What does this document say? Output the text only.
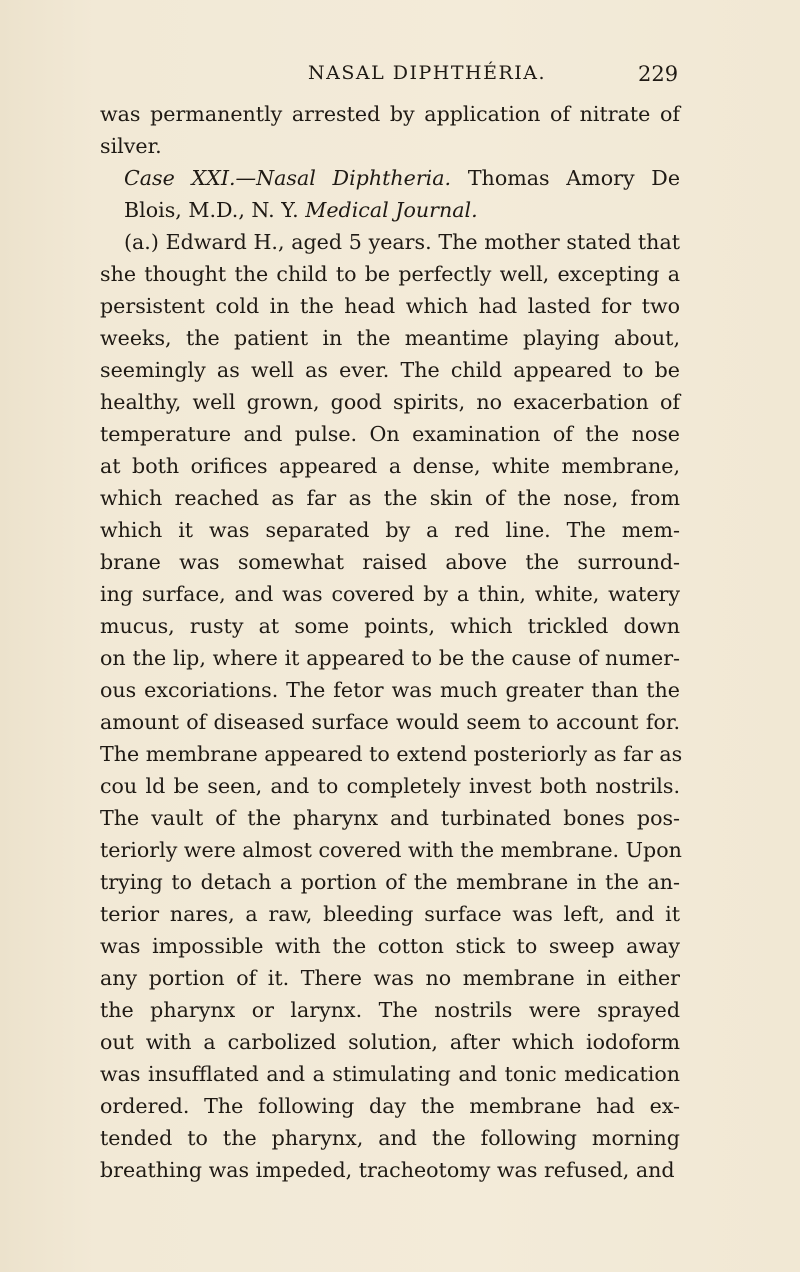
NASAL DIPHTHÉRIA.	229
was permanently arrested by application of nitrate of
silver.
Case XXI.—Nasal Diphtheria. Thomas Amory De
Blois, M.D., N. Y. Medical Journal.
(a.) Edward H., aged 5 years. The mother stated that
she thought the child to be perfectly well, excepting a
persistent cold in the head which had lasted for two
weeks, the patient in the meantime playing about,
seemingly as well as ever. The child appeared to be
healthy, well grown, good spirits, no exacerbation of
temperature and pulse. On examination of the nose
at both orifices appeared a dense, white membrane,
which reached as far as the skin of the nose, from
which it was separated by a red line. The mem-
brane was somewhat raised above the surround-
ing surface, and was covered by a thin, white, watery
mucus, rusty at some points, which trickled down
on the lip, where it appeared to be the cause of numer-
ous excoriations. The fetor was much greater than the
amount of diseased surface would seem to account for.
The membrane appeared to extend posteriorly as far as
cou ld be seen, and to completely invest both nostrils.
The vault of the pharynx and turbinated bones pos-
teriorly were almost covered with the membrane. Upon
trying to detach a portion of the membrane in the an-
terior nares, a raw, bleeding surface was left, and it
was impossible with the cotton stick to sweep away
any portion of it. There was no membrane in either
the pharynx or larynx. The nostrils were sprayed
out with a carbolized solution, after which iodoform
was insufflated and a stimulating and tonic medication
ordered. The following day the membrane had ex-
tended to the pharynx, and the following morning
breathing was impeded, tracheotomy was refused, and
